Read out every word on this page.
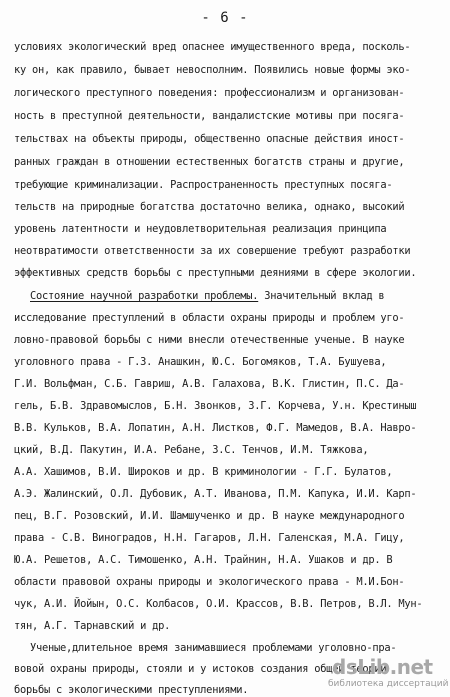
- 6 -
условиях экологический вред опаснее имущественного вреда, посколь-
ку он, как правило, бывает невосполним. Появились новые формы эко-
логического преступного поведения: профессионализм и организован-
ность в преступной деятельности, вандалистские мотивы при посяга-
тельствах на объекты природы, общественно опасные действия иност-
ранных граждан в отношении естественных богатств страны и другие,
требующие криминализации. Распространенность преступных посяга-
тельств на природные богатства достаточно велика, однако, высокий
уровень латентности и неудовлетворительная реализация принципа
неотвратимости ответственности за их совершение требуют разработки
эффективных средств борьбы с преступными деяниями в сфере экологии.
Состояние научной разработки проблемы. Значительный вклад в
исследование преступлений в области охраны природы и проблем уго-
ловно-правовой борьбы с ними внесли отечественные ученые. В науке
уголовного права - Г.З. Анашкин, Ю.С. Богомяков, Т.А. Бушуева,
Г.И. Вольфман, С.Б. Гавриш, А.В. Галахова, В.К. Глистин, П.С. Да-
гель, Б.В. Здравомыслов, Б.Н. Звонков, З.Г. Корчева, У.н. Крестиныш
В.В. Кульков, В.А. Лопатин, А.Н. Листков, Ф.Г. Мамедов, В.А. Навро-
цкий, В.Д. Пакутин, И.А. Ребане, З.С. Тенчов, И.М. Тяжкова,
А.А. Хашимов, В.И. Широков и др. В криминологии - Г.Г. Булатов,
А.Э. Жалинский, О.Л. Дубовик, А.Т. Иванова, П.М. Капука, И.И. Карп-
пец, В.Г. Розовский, И.И. Шамшученко и др. В науке международного
права - С.В. Виноградов, Н.Н. Гагаров, Л.Н. Галенская, М.А. Гицу,
Ю.А. Решетов, А.С. Тимошенко, А.Н. Трайнин, Н.А. Ушаков и др. В
области правовой охраны природы и экологического права - М.И.Бон-
чук, А.И. Йойын, О.С. Колбасов, О.И. Крассов, В.В. Петров, В.Л. Мун-
тян, А.Г. Тарнавский и др.
Ученые,длительное время занимавшиеся проблемами уголовно-пра-
вовой охраны природы, стояли и у истоков создания общей теории
борьбы с экологическими преступлениями.
dsLib.net
библиотека диссертаций
